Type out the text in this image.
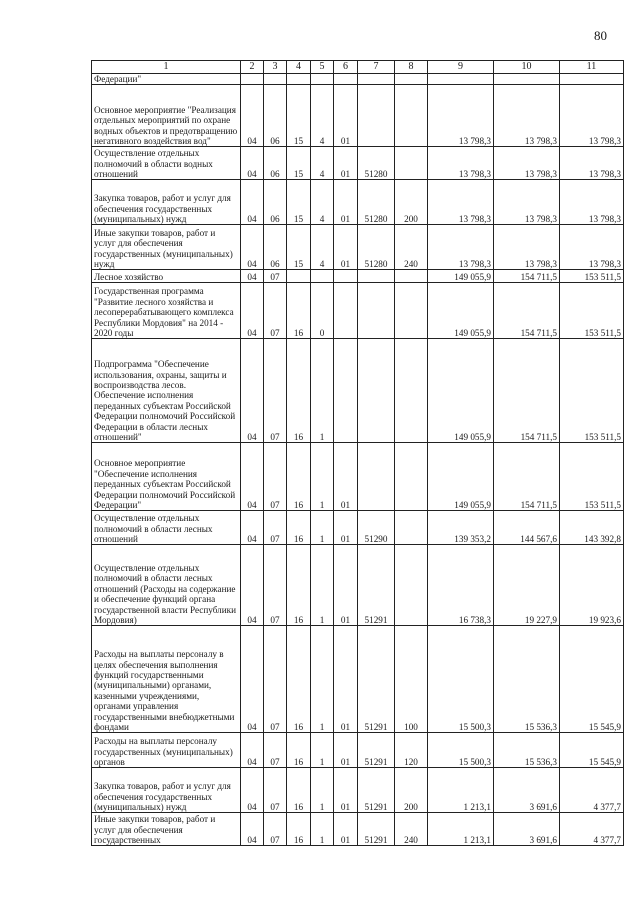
80
1	2	3	4	5	6	7	8	9	10	11
Федерации"										
Основное мероприятие "Реализация отдельных мероприятий по охране водных объектов и предотвращению негативного воздействия вод"	04	06	15	4	01			13 798,3	13 798,3	13 798,3
Осуществление отдельных полномочий в области водных отношений	04	06	15	4	01	51280		13 798,3	13 798,3	13 798,3
Закупка товаров, работ и услуг для обеспечения государственных (муниципальных) нужд	04	06	15	4	01	51280	200	13 798,3	13 798,3	13 798,3
Иные закупки товаров, работ и услуг для обеспечения государственных (муниципальных) нужд	04	06	15	4	01	51280	240	13 798,3	13 798,3	13 798,3
Лесное хозяйство	04	07						149 055,9	154 711,5	153 511,5
Государственная программа "Развитие лесного хозяйства и лесоперерабатывающего комплекса Республики Мордовия" на 2014 - 2020 годы	04	07	16	0				149 055,9	154 711,5	153 511,5
Подпрограмма "Обеспечение использования, охраны, защиты и воспроизводства лесов. Обеспечение исполнения переданных субъектам Российской Федерации полномочий Российской Федерации в области лесных отношений"	04	07	16	1				149 055,9	154 711,5	153 511,5
Основное мероприятие "Обеспечение исполнения переданных субъектам Российской Федерации полномочий Российской Федерации"	04	07	16	1	01			149 055,9	154 711,5	153 511,5
Осуществление отдельных полномочий в области лесных отношений	04	07	16	1	01	51290		139 353,2	144 567,6	143 392,8
Осуществление отдельных полномочий в области лесных отношений (Расходы на содержание и обеспечение функций органа государственной власти Республики Мордовия)	04	07	16	1	01	51291		16 738,3	19 227,9	19 923,6
Расходы на выплаты персоналу в целях обеспечения выполнения функций государственными (муниципальными) органами, казенными учреждениями, органами управления государственными внебюджетными фондами	04	07	16	1	01	51291	100	15 500,3	15 536,3	15 545,9
Расходы на выплаты персоналу государственных (муниципальных) органов	04	07	16	1	01	51291	120	15 500,3	15 536,3	15 545,9
Закупка товаров, работ и услуг для обеспечения государственных (муниципальных) нужд	04	07	16	1	01	51291	200	1 213,1	3 691,6	4 377,7
Иные закупки товаров, работ и услуг для обеспечения государственных	04	07	16	1	01	51291	240	1 213,1	3 691,6	4 377,7
